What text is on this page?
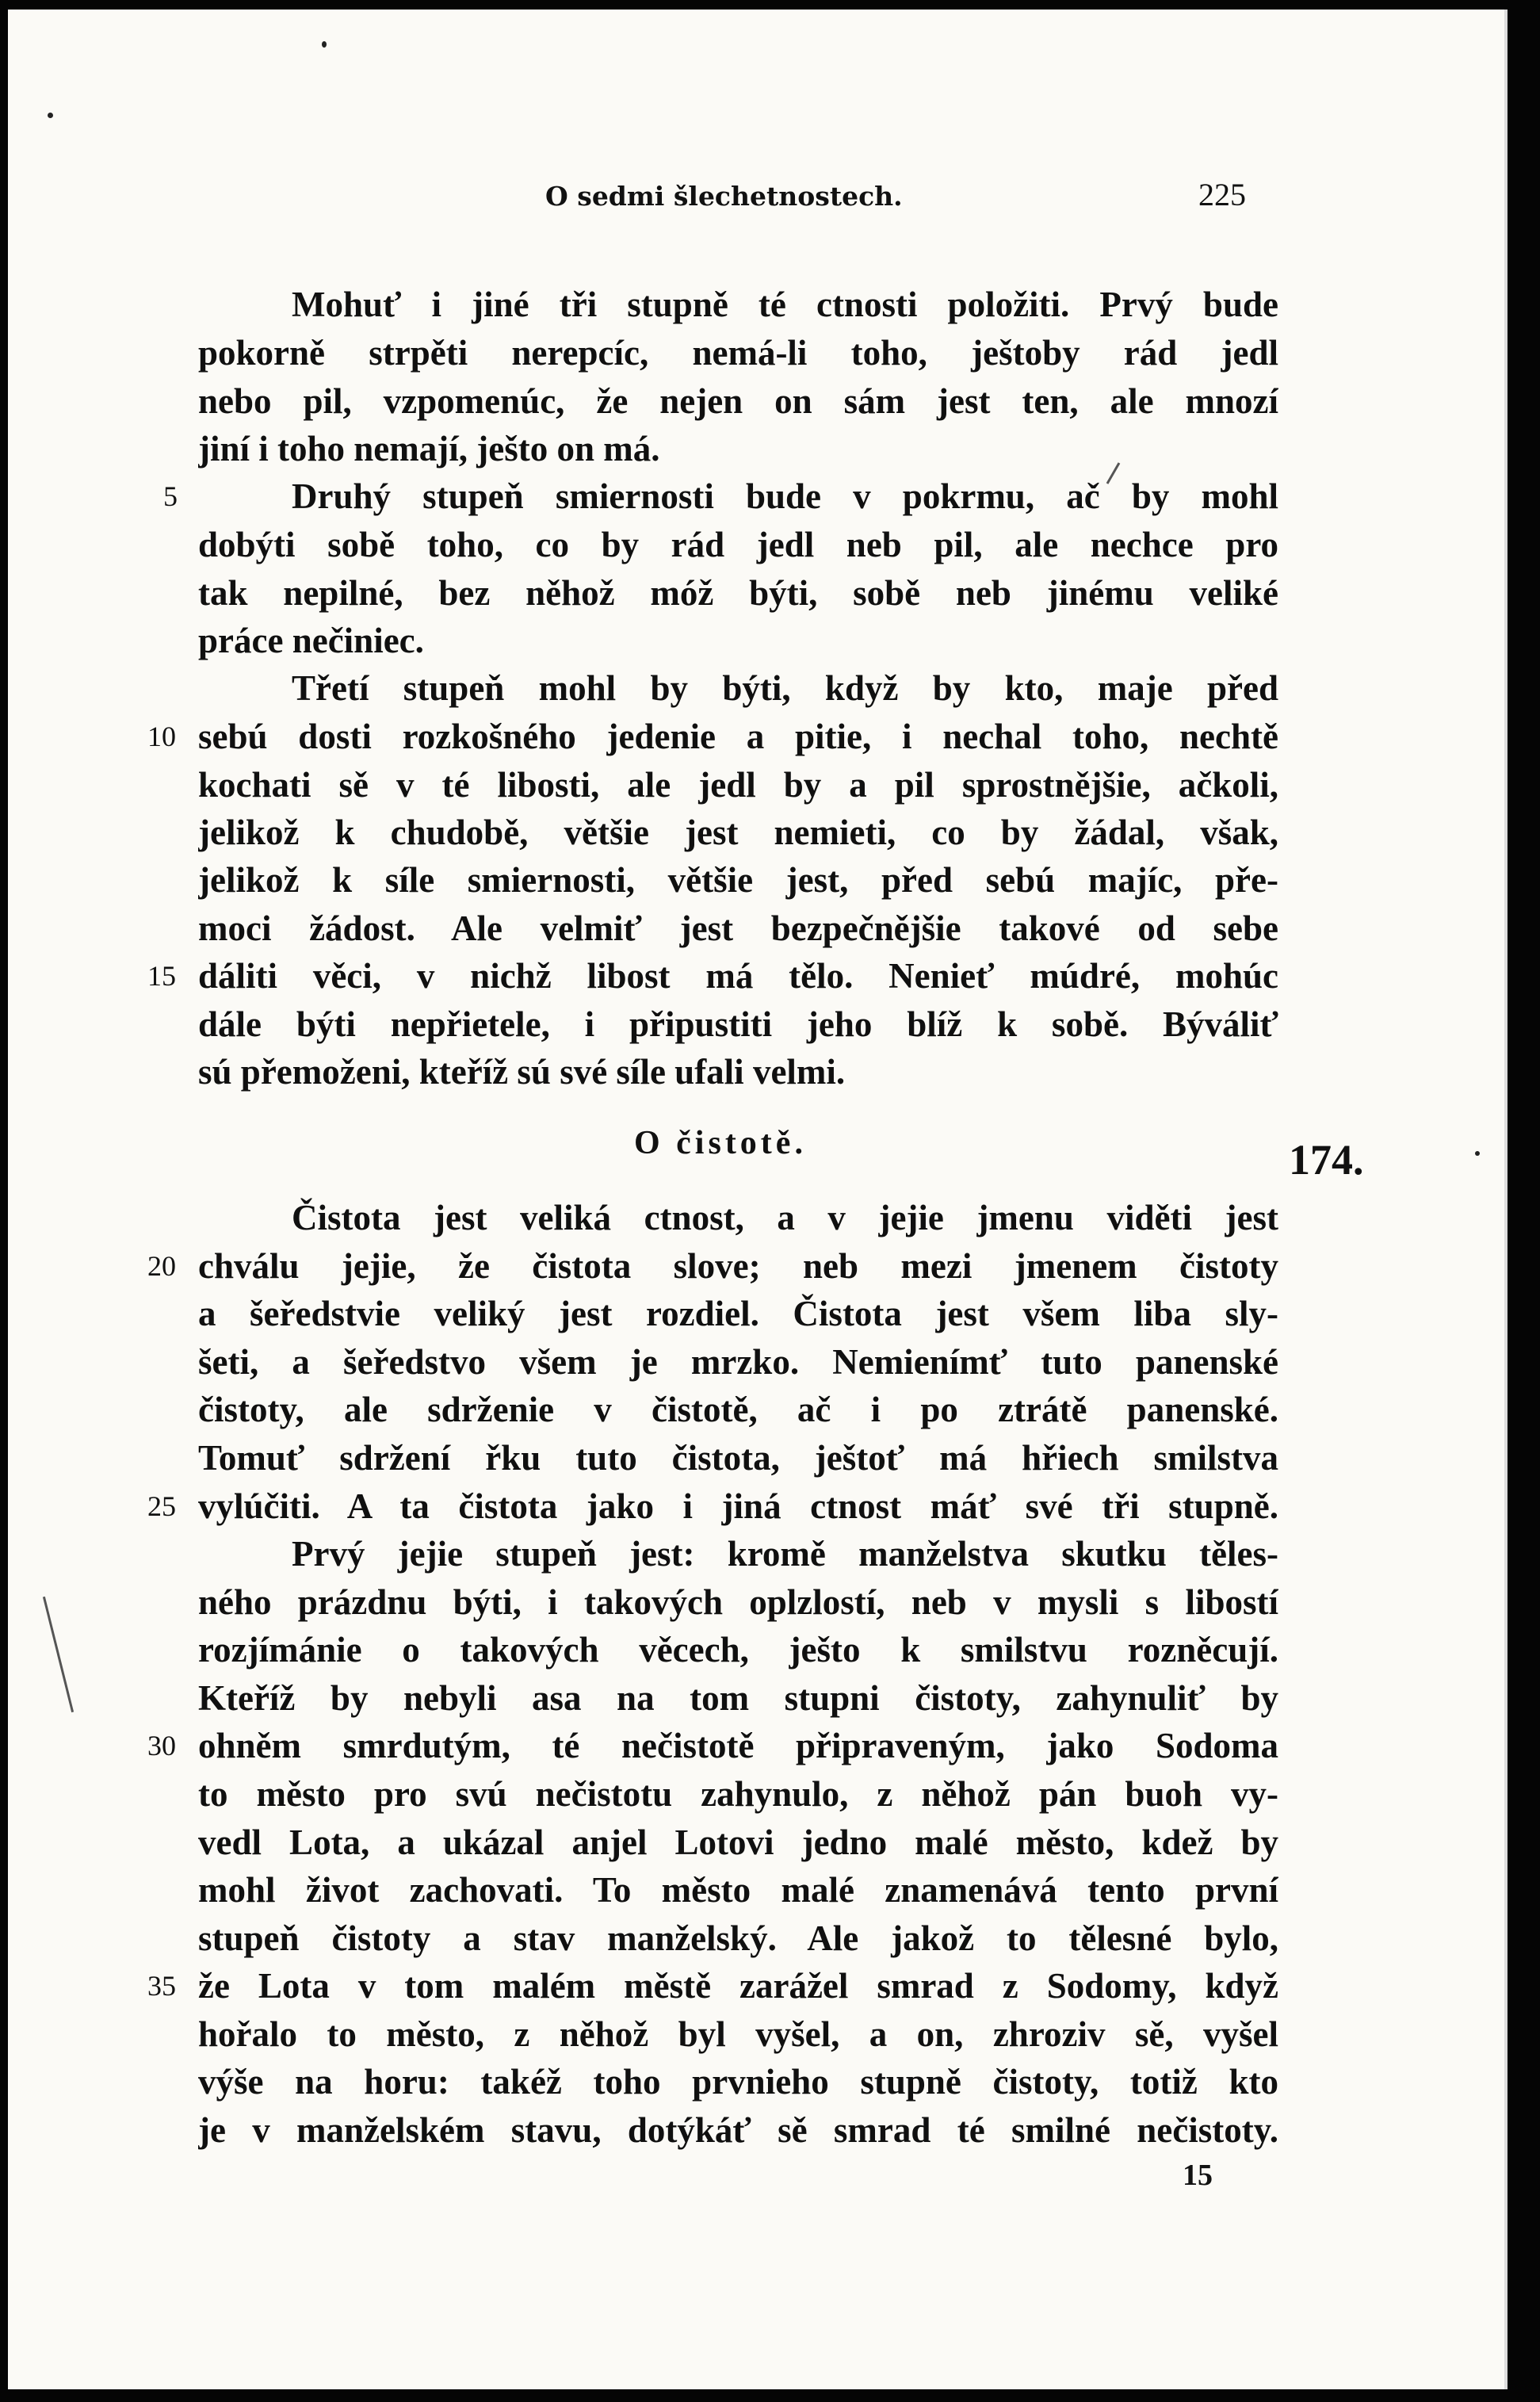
O sedmi šlechetnostech.	225
Mohuť i jiné tři stupně té ctnosti položiti. Prvý bude
pokorně strpěti nerepcíc, nemá-li toho, ještoby rád jedl
nebo pil, vzpomenúc, že nejen on sám jest ten, ale mnozí
jiní i toho nemají, ješto on má.
Druhý stupeň smiernosti bude v pokrmu, ač by mohl
dobýti sobě toho, co by rád jedl neb pil, ale nechce pro
tak nepilné, bez něhož móž býti, sobě neb jinému veliké
práce nečiniec.
Třetí stupeň mohl by býti, když by kto, maje před
sebú dosti rozkošného jedenie a pitie, i nechal toho, nechtě
kochati sě v té libosti, ale jedl by a pil sprostnějšie, ačkoli,
jelikož k chudobě, většie jest nemieti, co by žádal, však,
jelikož k síle smiernosti, většie jest, před sebú majíc, pře-
moci žádost. Ale velmiť jest bezpečnějšie takové od sebe
dáliti věci, v nichž libost má tělo. Nenieť múdré, mohúc
dále býti nepřietele, i připustiti jeho blíž k sobě. Býváliť
sú přemoženi, kteříž sú své síle ufali velmi.
O čistotě.	174.
Čistota jest veliká ctnost, a v jejie jmenu viděti jest
chválu jejie, že čistota slove; neb mezi jmenem čistoty
a šeředstvie veliký jest rozdiel. Čistota jest všem liba sly-
šeti, a šeředstvo všem je mrzko. Nemienímť tuto panenské
čistoty, ale sdrženie v čistotě, ač i po ztrátě panenské.
Tomuť sdržení řku tuto čistota, ještoť má hřiech smilstva
vylúčiti. A ta čistota jako i jiná ctnost máť své tři stupně.
Prvý jejie stupeň jest: kromě manželstva skutku těles-
ného prázdnu býti, i takových oplzlostí, neb v mysli s libostí
rozjímánie o takových věcech, ješto k smilstvu rozněcují.
Kteříž by nebyli asa na tom stupni čistoty, zahynuliť by
ohněm smrdutým, té nečistotě připraveným, jako Sodoma
to město pro svú nečistotu zahynulo, z něhož pán buoh vy-
vedl Lota, a ukázal anjel Lotovi jedno malé město, kdež by
mohl život zachovati. To město malé znamenává tento první
stupeň čistoty a stav manželský. Ale jakož to tělesné bylo,
že Lota v tom malém městě zarážel smrad z Sodomy, když
hořalo to město, z něhož byl vyšel, a on, zhroziv sě, vyšel
výše na horu: takéž toho prvnieho stupně čistoty, totiž kto
je v manželském stavu, dotýkáť sě smrad té smilné nečistoty.
5
10
15
20
25
30
35
15
